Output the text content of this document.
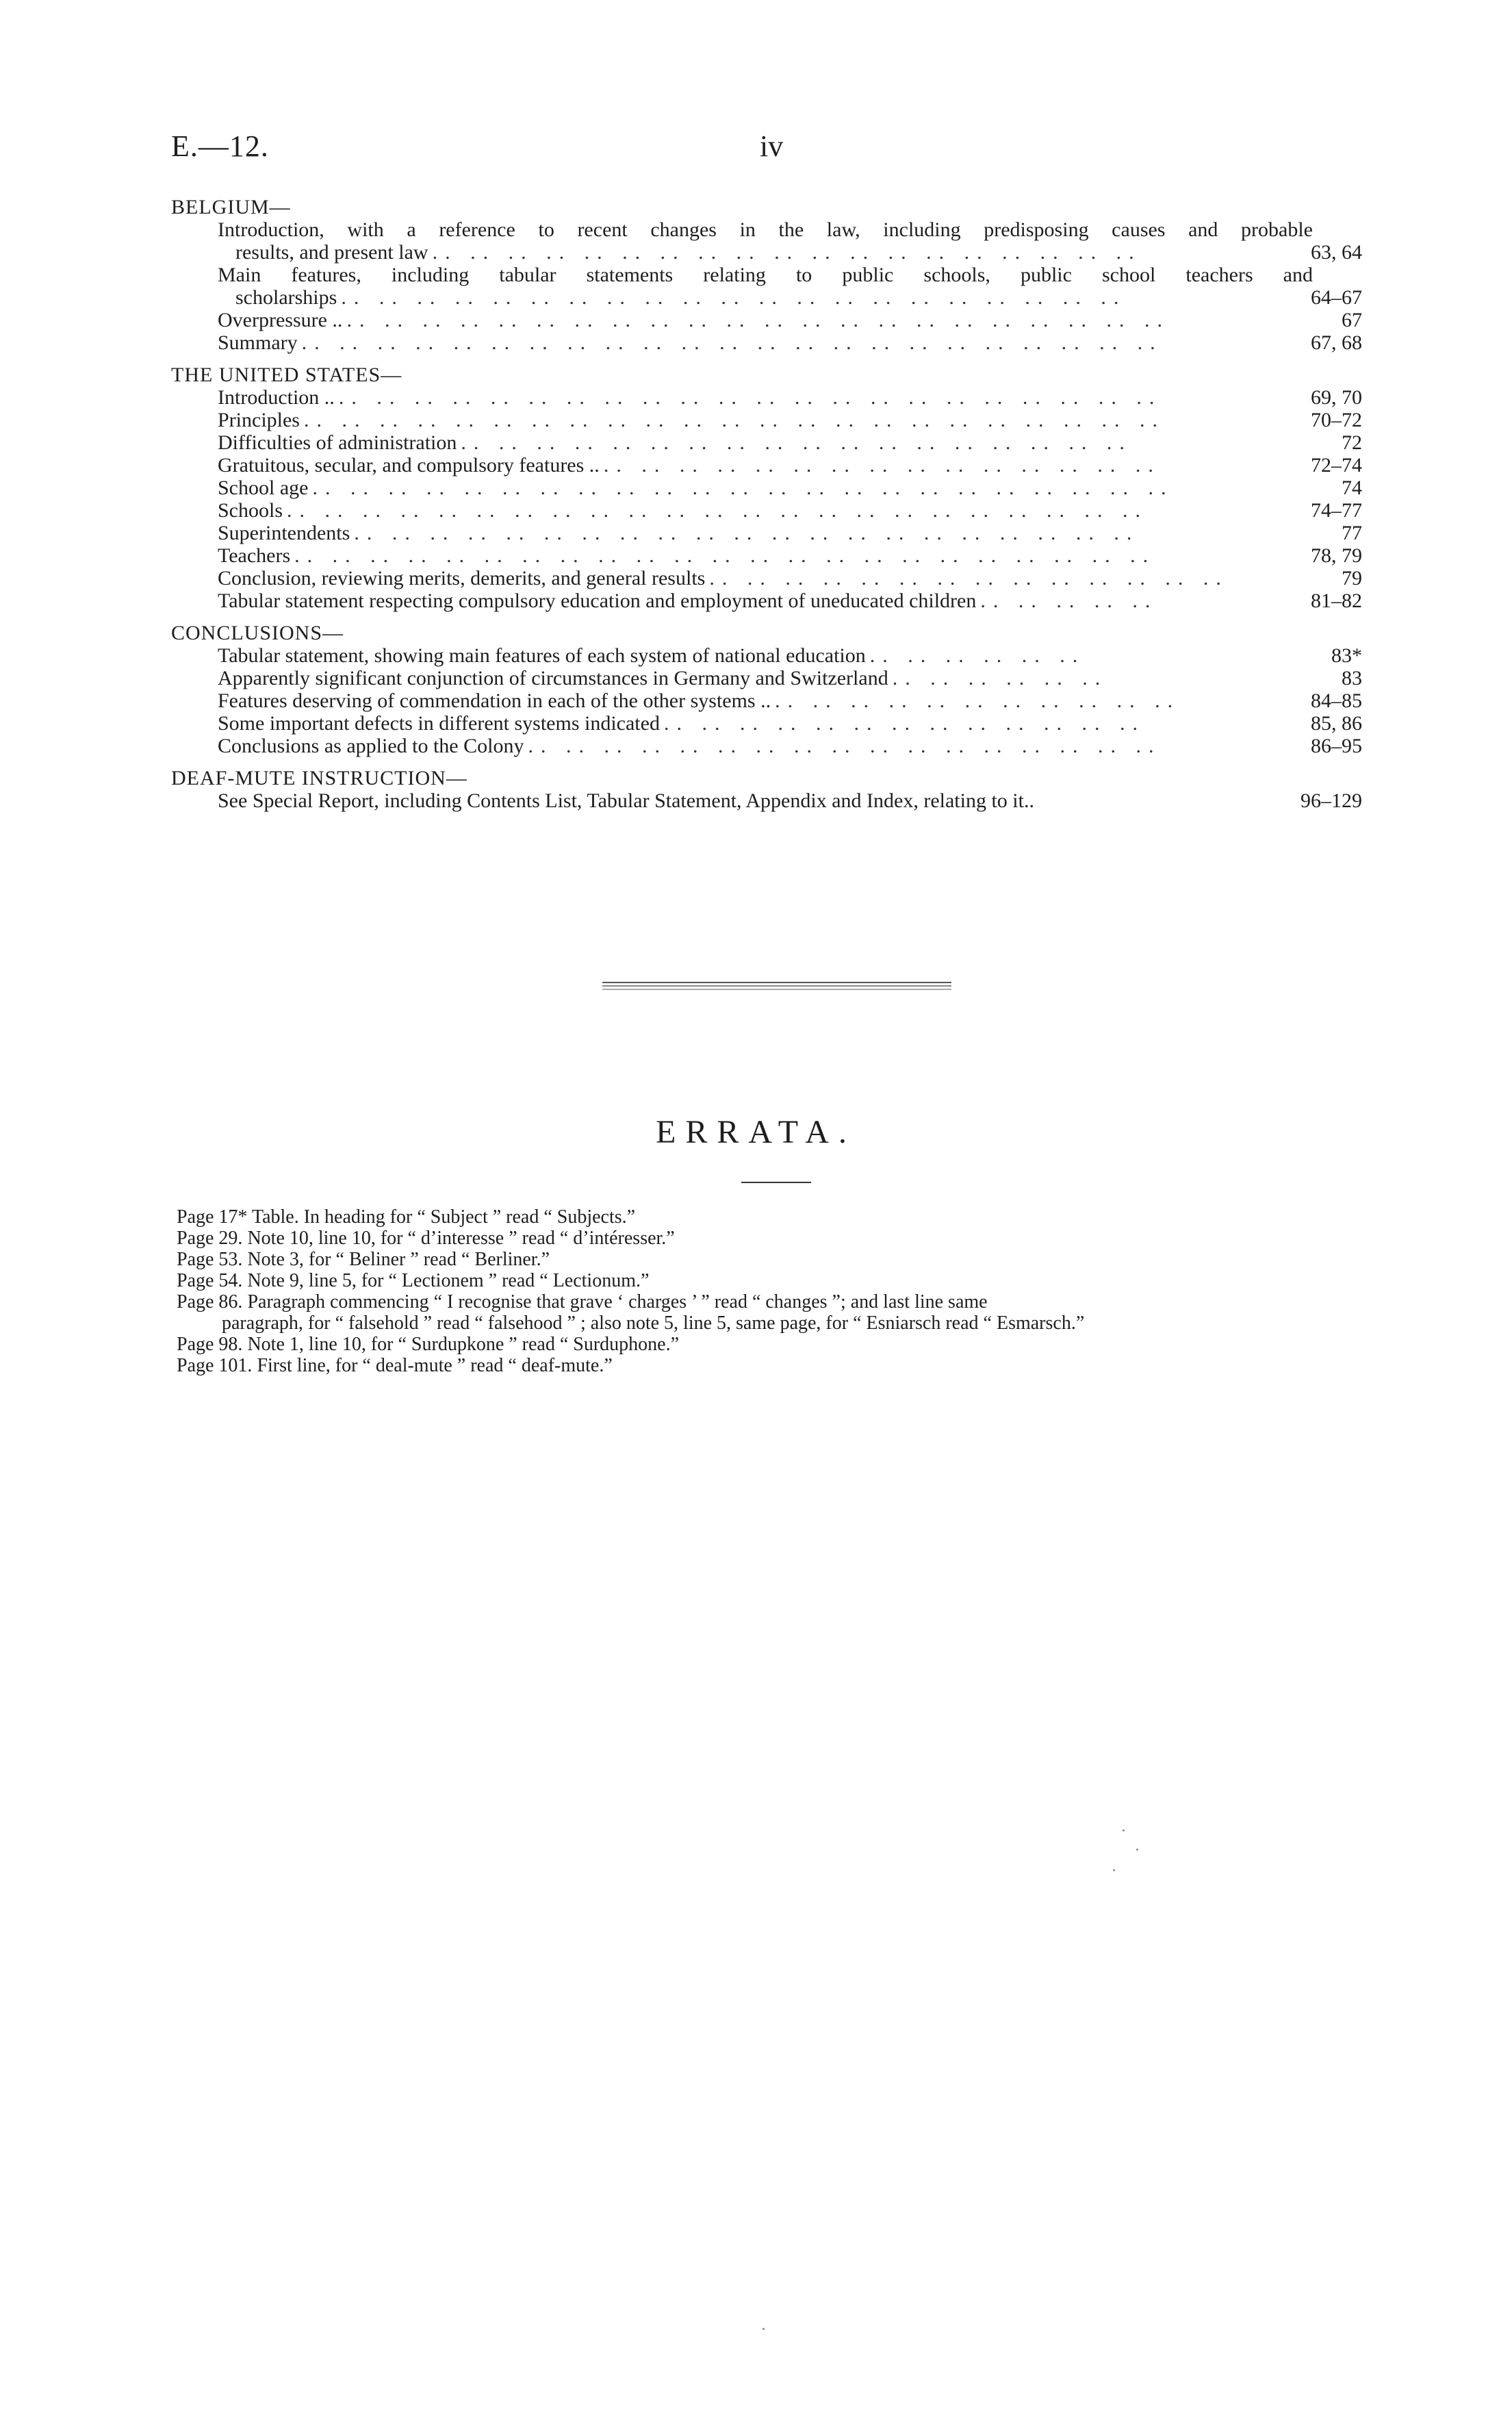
E.—12.	iv
BELGIUM—
Introduction, with a reference to recent changes in the law, including predisposing causes and probable
results, and present law .. .. .. .. .. .. .. .. .. .. .. .. .. .. .. .. .. .. ..	63, 64
Main features, including tabular statements relating to public schools, public school teachers and
scholarships .. .. .. .. .. .. .. .. .. .. .. .. .. .. .. .. .. .. .. .. ..	64–67
Overpressure .. .. .. .. .. .. .. .. .. .. .. .. .. .. .. .. .. .. .. .. .. .. ..	67
Summary .. .. .. .. .. .. .. .. .. .. .. .. .. .. .. .. .. .. .. .. .. .. ..	67, 68
THE UNITED STATES—
Introduction .. .. .. .. .. .. .. .. .. .. .. .. .. .. .. .. .. .. .. .. .. .. ..	69, 70
Principles .. .. .. .. .. .. .. .. .. .. .. .. .. .. .. .. .. .. .. .. .. .. ..	70–72
Difficulties of administration .. .. .. .. .. .. .. .. .. .. .. .. .. .. .. .. .. ..	72
Gratuitous, secular, and compulsory features .. .. .. .. .. .. .. .. .. .. .. .. .. .. .. ..	72–74
School age .. .. .. .. .. .. .. .. .. .. .. .. .. .. .. .. .. .. .. .. .. .. ..	74
Schools .. .. .. .. .. .. .. .. .. .. .. .. .. .. .. .. .. .. .. .. .. .. ..	74–77
Superintendents .. .. .. .. .. .. .. .. .. .. .. .. .. .. .. .. .. .. .. .. ..	77
Teachers .. .. .. .. .. .. .. .. .. .. .. .. .. .. .. .. .. .. .. .. .. .. ..	78, 79
Conclusion, reviewing merits, demerits, and general results .. .. .. .. .. .. .. .. .. .. .. .. .. ..	79
Tabular statement respecting compulsory education and employment of uneducated children .. .. .. .. ..	81–82
CONCLUSIONS—
Tabular statement, showing main features of each system of national education .. .. .. .. .. ..	83*
Apparently significant conjunction of circumstances in Germany and Switzerland .. .. .. .. .. ..	83
Features deserving of commendation in each of the other systems .. .. .. .. .. .. .. .. .. .. .. ..	84–85
Some important defects in different systems indicated .. .. .. .. .. .. .. .. .. .. .. .. ..	85, 86
Conclusions as applied to the Colony .. .. .. .. .. .. .. .. .. .. .. .. .. .. .. .. ..	86–95
DEAF-MUTE INSTRUCTION—
See Special Report, including Contents List, Tabular Statement, Appendix and Index, relating to it..	96–129
ERRATA.
Page 17* Table. In heading for “ Subject ” read “ Subjects.”
Page 29. Note 10, line 10, for “ d’interesse ” read “ d’intéresser.”
Page 53. Note 3, for “ Beliner ” read “ Berliner.”
Page 54. Note 9, line 5, for “ Lectionem ” read “ Lectionum.”
Page 86. Paragraph commencing “ I recognise that grave ‘ charges ’ ” read “ changes ”; and last line same
paragraph, for “ falsehold ” read “ falsehood ” ; also note 5, line 5, same page, for “ Esniarsch read “ Esmarsch.”
Page 98. Note 1, line 10, for “ Surdupkone ” read “ Surduphone.”
Page 101. First line, for “ deal-mute ” read “ deaf-mute.”
